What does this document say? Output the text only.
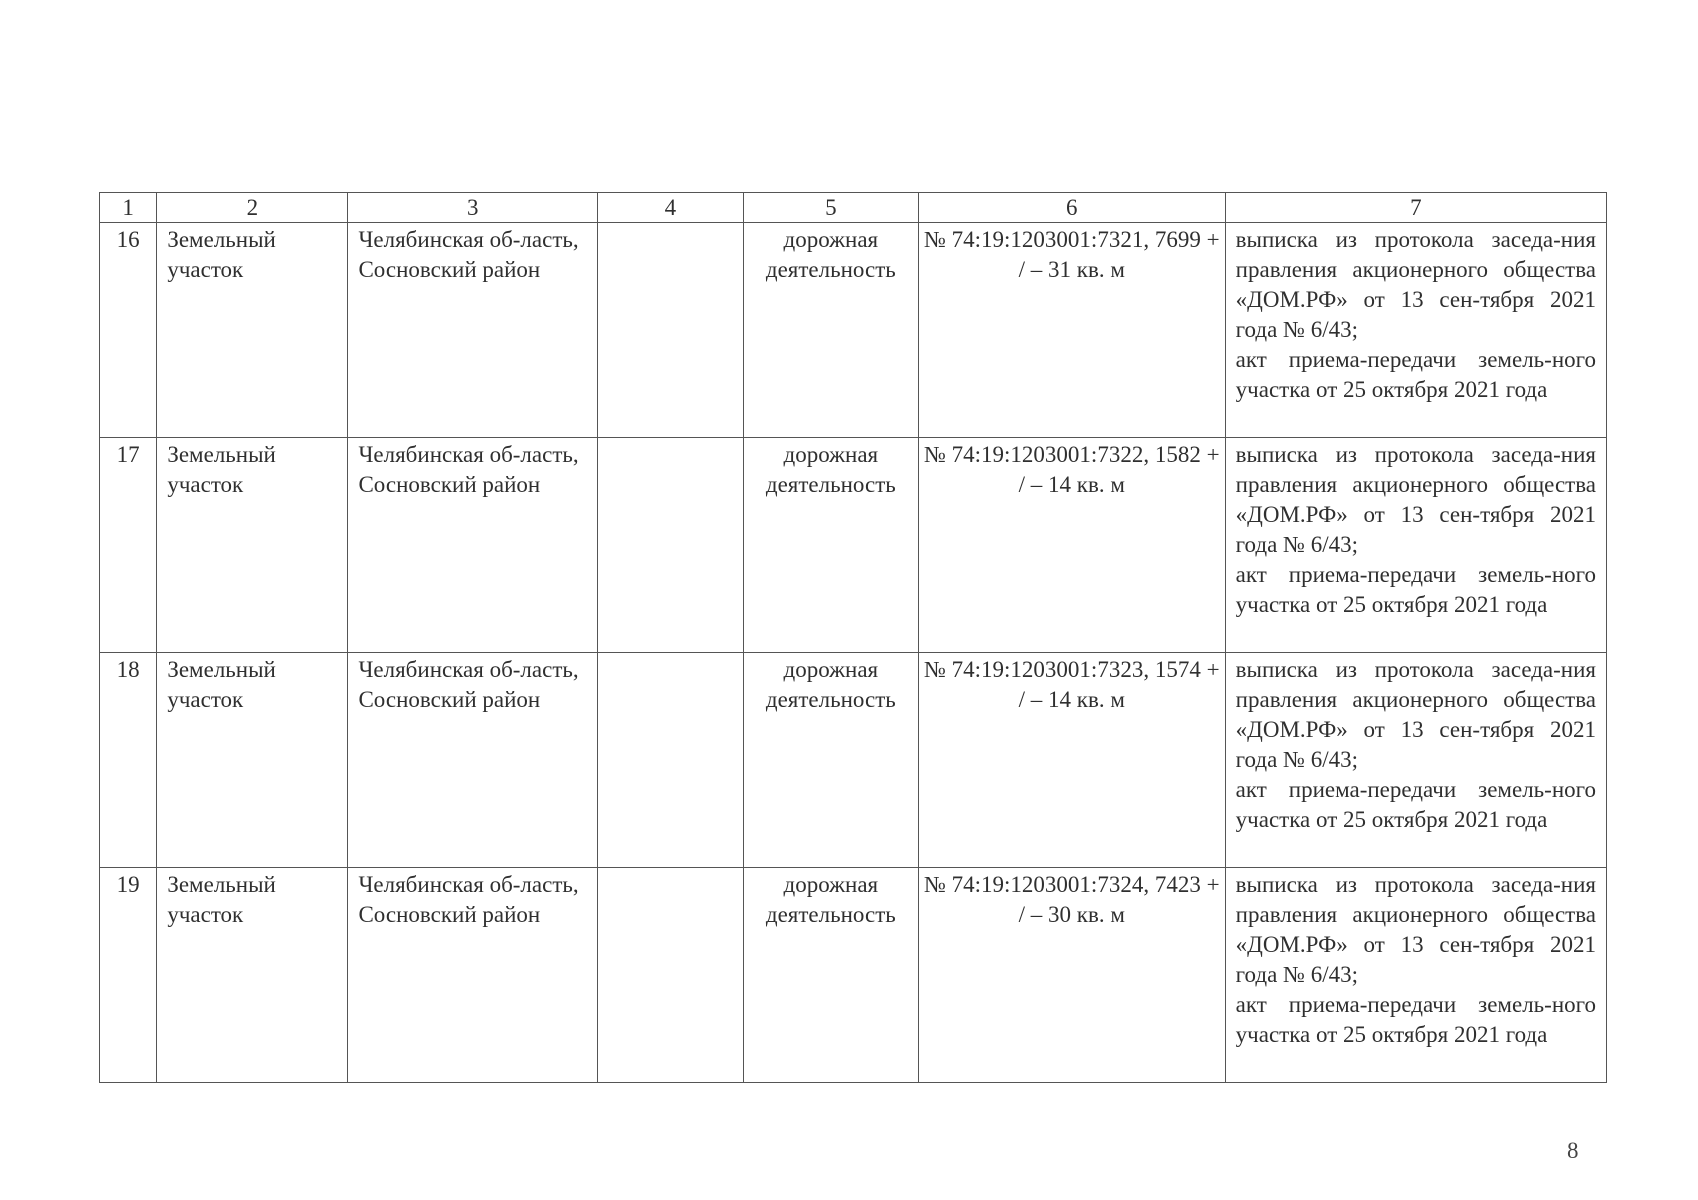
1	2	3	4	5	6	7
16	Земельный участок	Челябинская об-ласть, Сосновский район		дорожная деятельность	№ 74:19:1203001:7321, 7699 + / – 31 кв. м	выписка из протокола заседа-ния правления акционерного общества «ДОМ.РФ» от 13 сен-тября 2021 года № 6/43;
акт приема-передачи земель-ного участка от 25 октября 2021 года

17	Земельный участок	Челябинская об-ласть, Сосновский район		дорожная деятельность	№ 74:19:1203001:7322, 1582 + / – 14 кв. м	выписка из протокола заседа-ния правления акционерного общества «ДОМ.РФ» от 13 сен-тября 2021 года № 6/43;
акт приема-передачи земель-ного участка от 25 октября 2021 года

18	Земельный участок	Челябинская об-ласть, Сосновский район		дорожная деятельность	№ 74:19:1203001:7323, 1574 + / – 14 кв. м	выписка из протокола заседа-ния правления акционерного общества «ДОМ.РФ» от 13 сен-тября 2021 года № 6/43;
акт приема-передачи земель-ного участка от 25 октября 2021 года

19	Земельный участок	Челябинская об-ласть, Сосновский район		дорожная деятельность	№ 74:19:1203001:7324, 7423 + / – 30 кв. м	выписка из протокола заседа-ния правления акционерного общества «ДОМ.РФ» от 13 сен-тября 2021 года № 6/43;
акт приема-передачи земель-ного участка от 25 октября 2021 года
8
